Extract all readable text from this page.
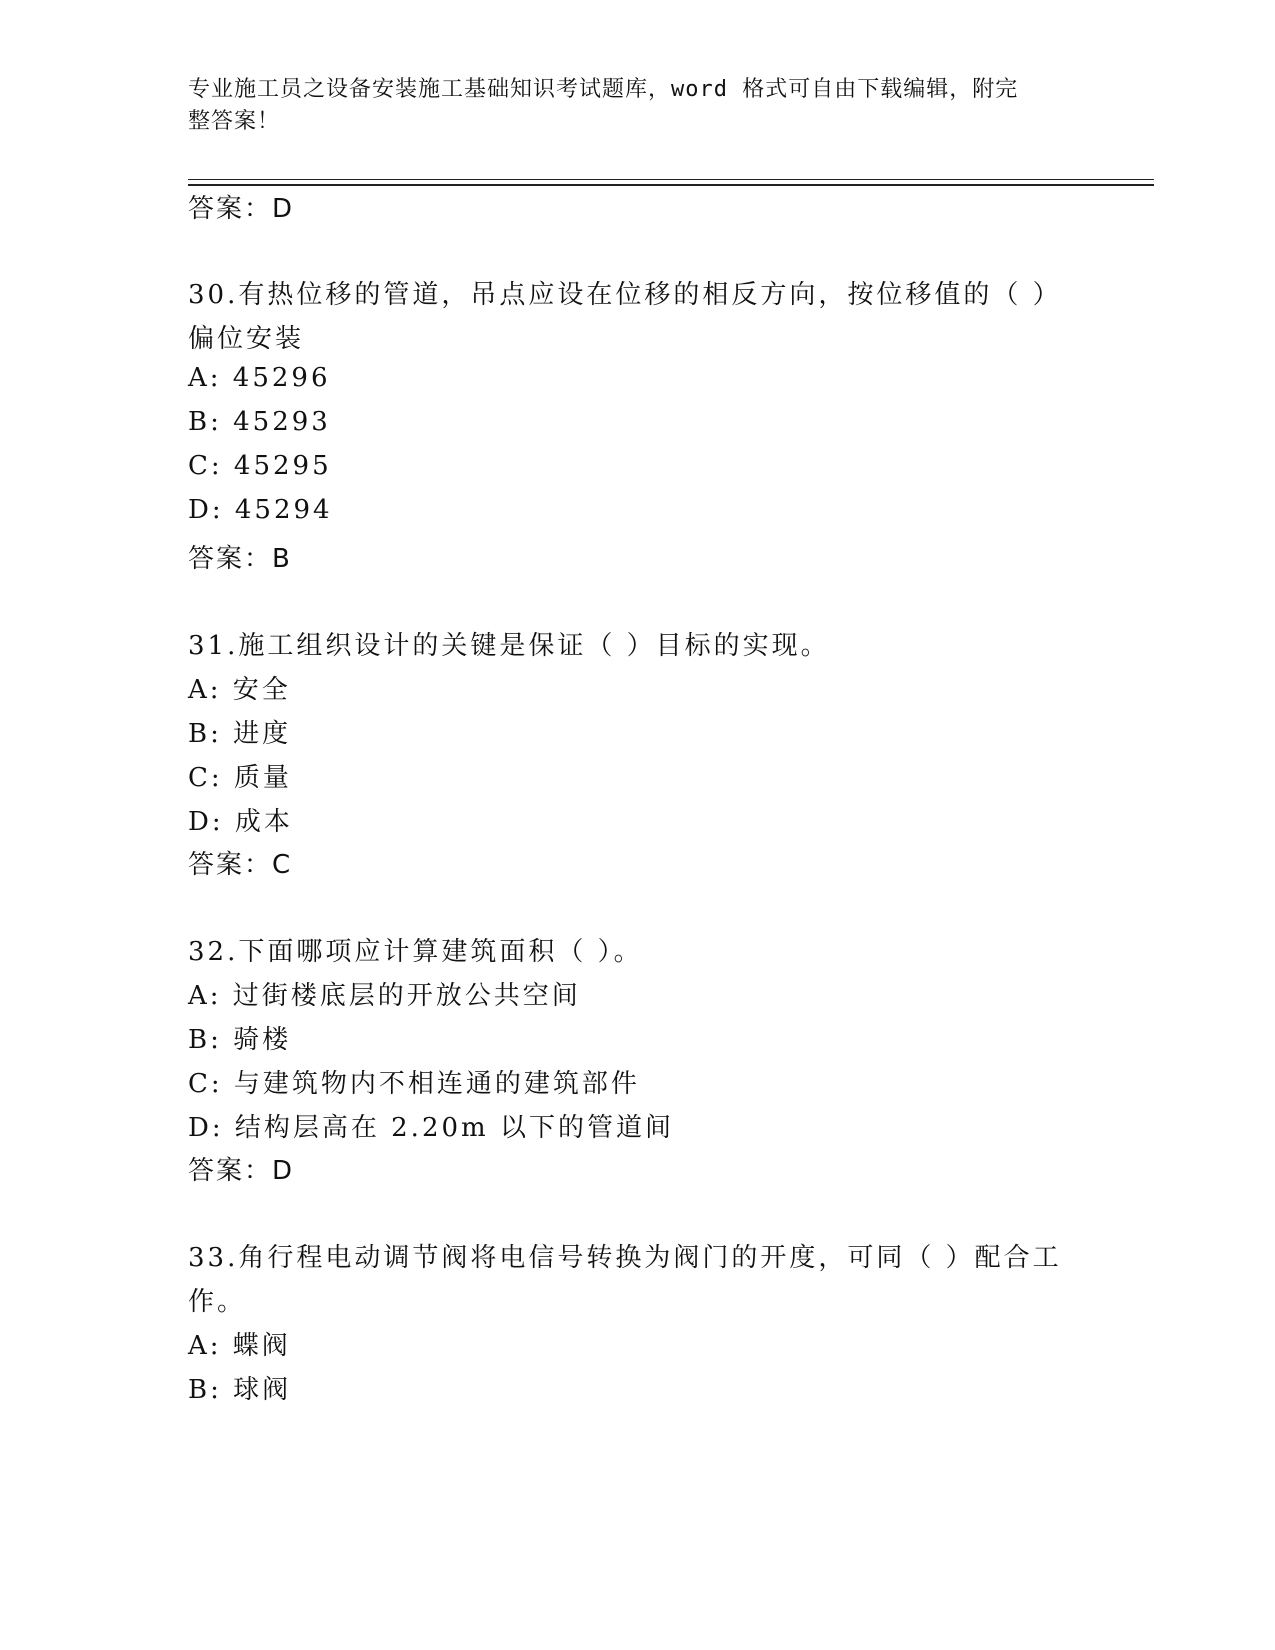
专业施工员之设备安装施工基础知识考试题库，word 格式可自由下载编辑，附完
整答案！
答案：D
30.有热位移的管道，吊点应设在位移的相反方向，按位移值的（ ）
偏位安装
A: 45296
B: 45293
C: 45295
D: 45294
答案：B
31.施工组织设计的关键是保证（ ）目标的实现。
A: 安全
B: 进度
C: 质量
D: 成本
答案：C
32.下面哪项应计算建筑面积（ ）。
A: 过街楼底层的开放公共空间
B: 骑楼
C: 与建筑物内不相连通的建筑部件
D: 结构层高在 2.20m 以下的管道间
答案：D
33.角行程电动调节阀将电信号转换为阀门的开度，可同（ ）配合工
作。
A: 蝶阀
B: 球阀
